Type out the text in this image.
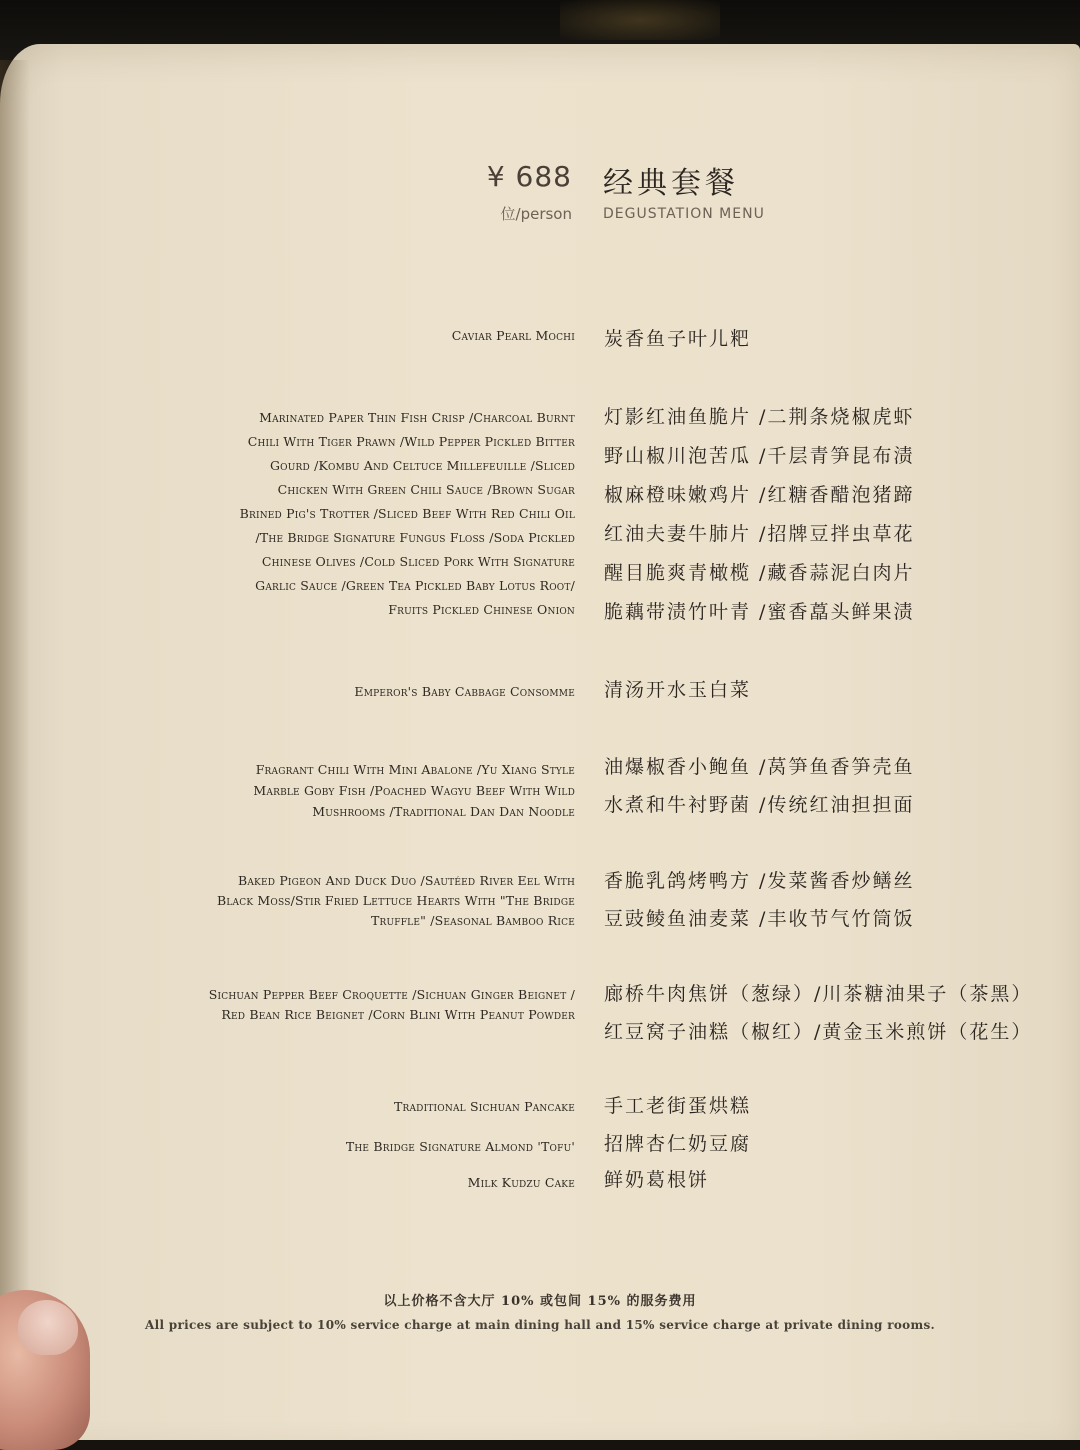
¥ 688
位/person
经典套餐
DEGUSTATION MENU
Caviar Pearl Mochi 炭香鱼子叶儿粑
Marinated Paper Thin Fish Crisp /Charcoal Burnt
Chili With Tiger Prawn /Wild Pepper Pickled Bitter
Gourd /Kombu And Celtuce Millefeuille /Sliced
Chicken With Green Chili Sauce /Brown Sugar
Brined Pig's Trotter /Sliced Beef With Red Chili Oil
/The Bridge Signature Fungus Floss /Soda Pickled
Chinese Olives /Cold Sliced Pork With Signature
Garlic Sauce /Green Tea Pickled Baby Lotus Root/
Fruits Pickled Chinese Onion
灯影红油鱼脆片 /二荆条烧椒虎虾
野山椒川泡苦瓜 /千层青笋昆布渍
椒麻橙味嫩鸡片 /红糖香醋泡猪蹄
红油夫妻牛肺片 /招牌豆拌虫草花
醒目脆爽青橄榄 /藏香蒜泥白肉片
脆藕带渍竹叶青 /蜜香藠头鲜果渍
Emperor's Baby Cabbage Consomme 清汤开水玉白菜
Fragrant Chili With Mini Abalone /Yu Xiang Style
Marble Goby Fish /Poached Wagyu Beef With Wild
Mushrooms /Traditional Dan Dan Noodle
油爆椒香小鲍鱼 /莴笋鱼香笋壳鱼
水煮和牛衬野菌 /传统红油担担面
Baked Pigeon And Duck Duo /Sautéed River Eel With
Black Moss/Stir Fried Lettuce Hearts With "The Bridge
Truffle" /Seasonal Bamboo Rice
香脆乳鸽烤鸭方 /发菜酱香炒鳝丝
豆豉鲮鱼油麦菜 /丰收节气竹筒饭
Sichuan Pepper Beef Croquette /Sichuan Ginger Beignet /
Red Bean Rice Beignet /Corn Blini With Peanut Powder
廊桥牛肉焦饼（葱绿）/川茶糖油果子（茶黑）
红豆窝子油糕（椒红）/黄金玉米煎饼（花生）
Traditional Sichuan Pancake 手工老街蛋烘糕
The Bridge Signature Almond 'Tofu' 招牌杏仁奶豆腐
Milk Kudzu Cake 鲜奶葛根饼
以上价格不含大厅 10% 或包间 15% 的服务费用
All prices are subject to 10% service charge at main dining hall and 15% service charge at private dining rooms.
